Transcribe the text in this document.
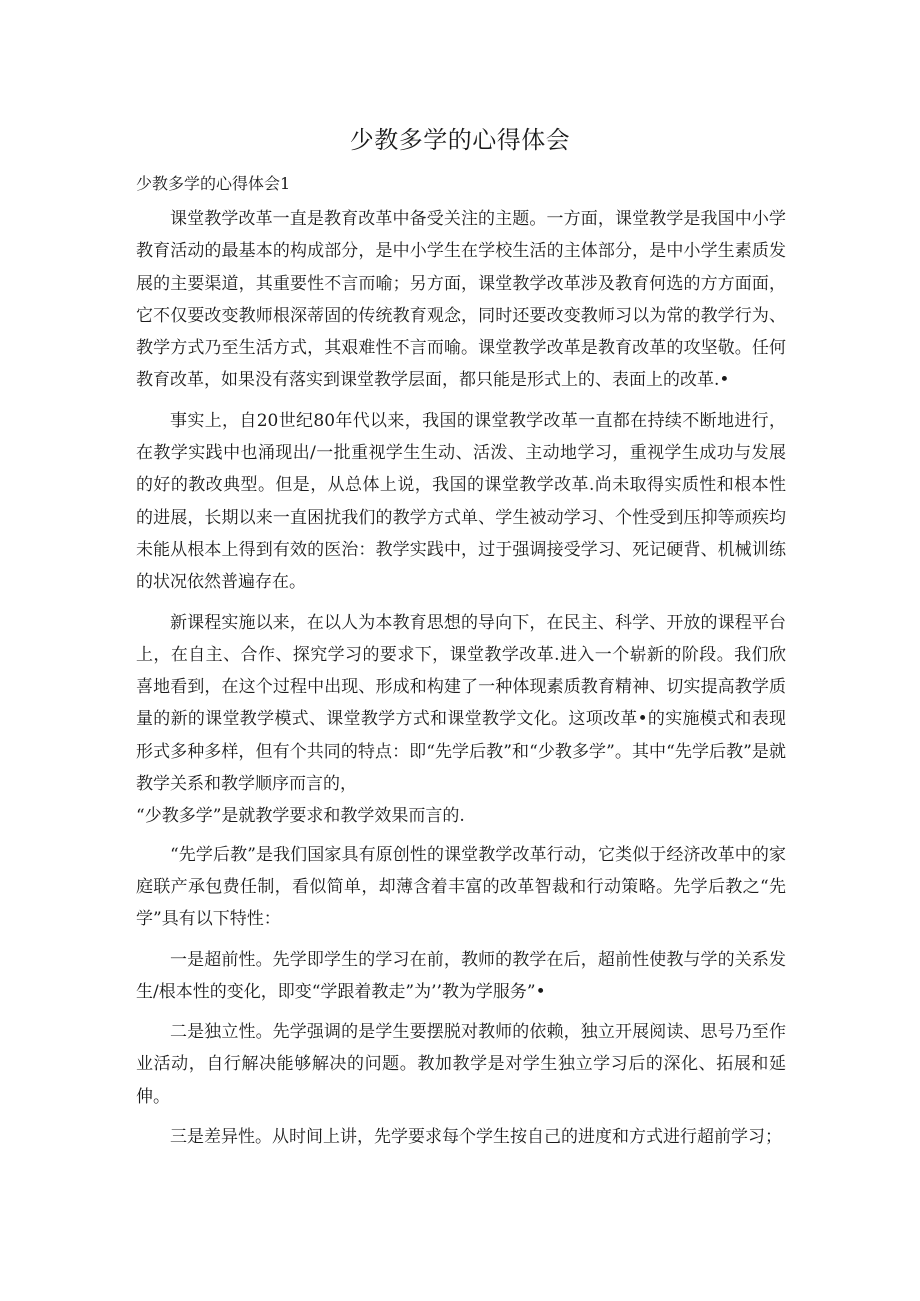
少教多学的心得体会

少教多学的心得体会1

课堂教学改革一直是教育改革中备受关注的主题。一方面，课堂教学是我国中小学教育活动的最基本的构成部分，是中小学生在学校生活的主体部分，是中小学生素质发展的主要渠道，其重要性不言而喻；另方面，课堂教学改革涉及教育何选的方方面面，它不仅要改变教师根深蒂固的传统教育观念，同时还要改变教师习以为常的教学行为、教学方式乃至生活方式，其艰难性不言而喻。课堂教学改革是教育改革的攻坚敬。任何教育改革，如果没有落实到课堂教学层面，都只能是形式上的、表面上的改革.•

事实上，自20世纪80年代以来，我国的课堂教学改革一直都在持续不断地进行，在教学实践中也涌现出/一批重视学生生动、活泼、主动地学习，重视学生成功与发展的好的教改典型。但是，从总体上说，我国的课堂教学改革.尚未取得实质性和根本性的进展，长期以来一直困扰我们的教学方式单、学生被动学习、个性受到压抑等顽疾均未能从根本上得到有效的医治：教学实践中，过于强调接受学习、死记硬背、机械训练的状况依然普遍存在。

新课程实施以来，在以人为本教育思想的导向下，在民主、科学、开放的课程平台上，在自主、合作、探究学习的要求下，课堂教学改革.进入一个崭新的阶段。我们欣喜地看到，在这个过程中出现、形成和构建了一种体现素质教育精神、切实提高教学质量的新的课堂教学模式、课堂教学方式和课堂教学文化。这项改革•的实施模式和表现形式多种多样，但有个共同的特点：即“先学后教”和“少教多学”。其中“先学后教”是就教学关系和教学顺序而言的，

“少教多学”是就教学要求和教学效果而言的.

“先学后教”是我们国家具有原创性的课堂教学改革行动，它类似于经济改革中的家庭联产承包费任制，看似简单，却薄含着丰富的改革智裁和行动策略。先学后教之“先学”具有以下特性：

一是超前性。先学即学生的学习在前，教师的教学在后，超前性使教与学的关系发生/根本性的变化，即变“学跟着教走”为’’教为学服务”•

二是独立性。先学强调的是学生要摆脱对教师的依赖，独立开展阅读、思号乃至作业活动，自行解决能够解决的问题。教加教学是对学生独立学习后的深化、拓展和延伸。

三是差异性。从时间上讲，先学要求每个学生按自己的进度和方式进行超前学习；
